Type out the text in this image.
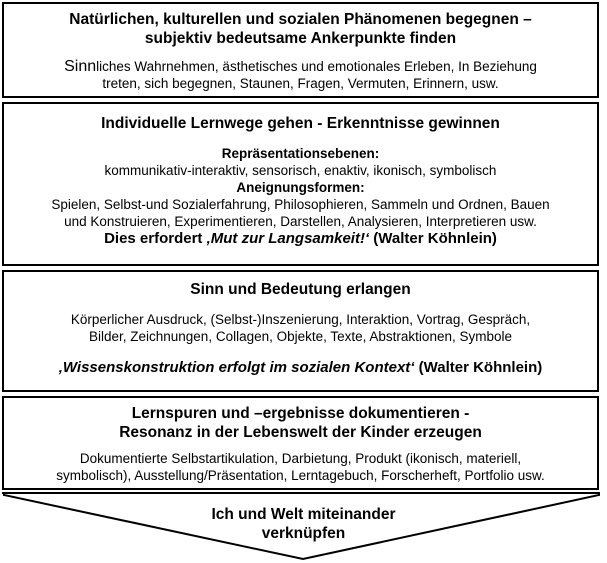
Natürlichen, kulturellen und sozialen Phänomenen begegnen –
subjektiv bedeutsame Ankerpunkte finden
Sinnliches Wahrnehmen, ästhetisches und emotionales Erleben, In Beziehung
treten, sich begegnen, Staunen, Fragen, Vermuten, Erinnern, usw.
Individuelle Lernwege gehen - Erkenntnisse gewinnen
Repräsentationsebenen:
kommunikativ-interaktiv, sensorisch, enaktiv, ikonisch, symbolisch
Aneignungsformen:
Spielen, Selbst-und Sozialerfahrung, Philosophieren, Sammeln und Ordnen, Bauen
und Konstruieren, Experimentieren, Darstellen, Analysieren, Interpretieren usw.
Dies erfordert ‚Mut zur Langsamkeit!‘ (Walter Köhnlein)
Sinn und Bedeutung erlangen
Körperlicher Ausdruck, (Selbst-)Inszenierung, Interaktion, Vortrag, Gespräch,
Bilder, Zeichnungen, Collagen, Objekte, Texte, Abstraktionen, Symbole
‚Wissenskonstruktion erfolgt im sozialen Kontext‘ (Walter Köhnlein)
Lernspuren und –ergebnisse dokumentieren -
Resonanz in der Lebenswelt der Kinder erzeugen
Dokumentierte Selbstartikulation, Darbietung, Produkt (ikonisch, materiell,
symbolisch), Ausstellung/Präsentation, Lerntagebuch, Forscherheft, Portfolio usw.
Ich und Welt miteinander
verknüpfen
